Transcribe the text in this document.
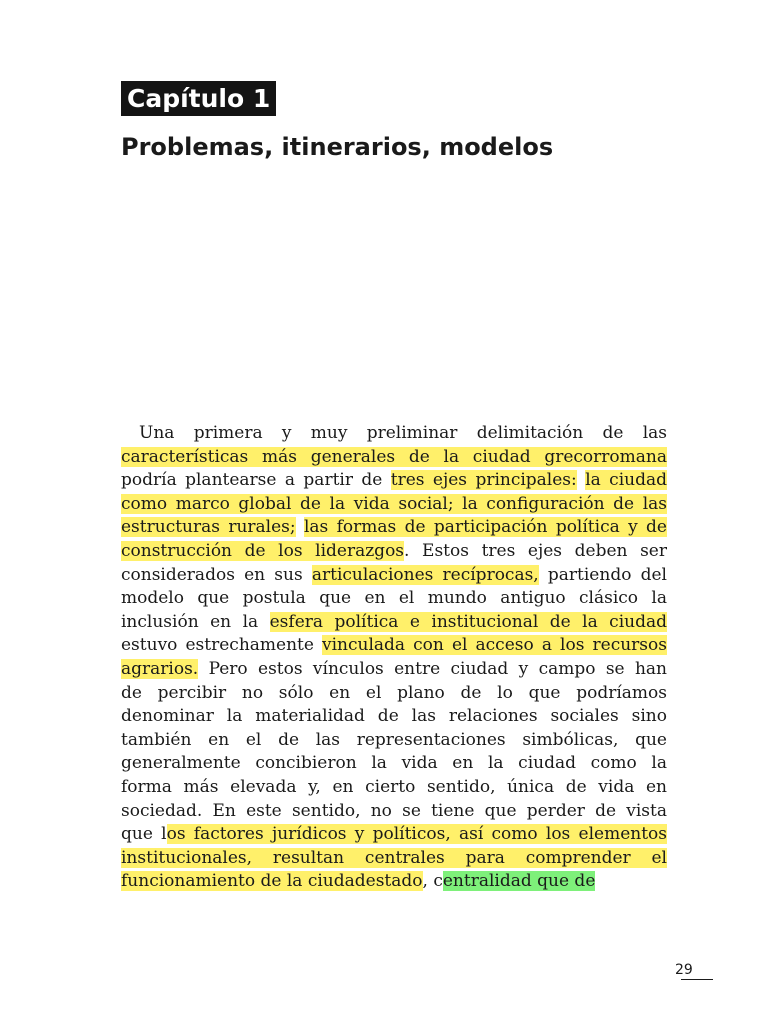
Capítulo 1
Problemas, itinerarios, modelos
Una primera y muy preliminar delimitación de las
características más generales de la ciudad grecorromana
podría plantearse a partir de tres ejes principales: la ciudad
como marco global de la vida social; la configuración de las
estructuras rurales; las formas de participación política y de
construcción de los liderazgos. Estos tres ejes deben ser
considerados en sus articulaciones recíprocas, partiendo del
modelo que postula que en el mundo antiguo clásico la
inclusión en la esfera política e institucional de la ciudad
estuvo estrechamente vinculada con el acceso a los recursos
agrarios. Pero estos vínculos entre ciudad y campo se han
de percibir no sólo en el plano de lo que podríamos
denominar la materialidad de las relaciones sociales sino
también en el de las representaciones simbólicas, que
generalmente concibieron la vida en la ciudad como la
forma más elevada y, en cierto sentido, única de vida en
sociedad. En este sentido, no se tiene que perder de vista
que los factores jurídicos y políticos, así como los elementos
institucionales, resultan centrales para comprender el
funcionamiento de la ciudadestado, centralidad que de
29
